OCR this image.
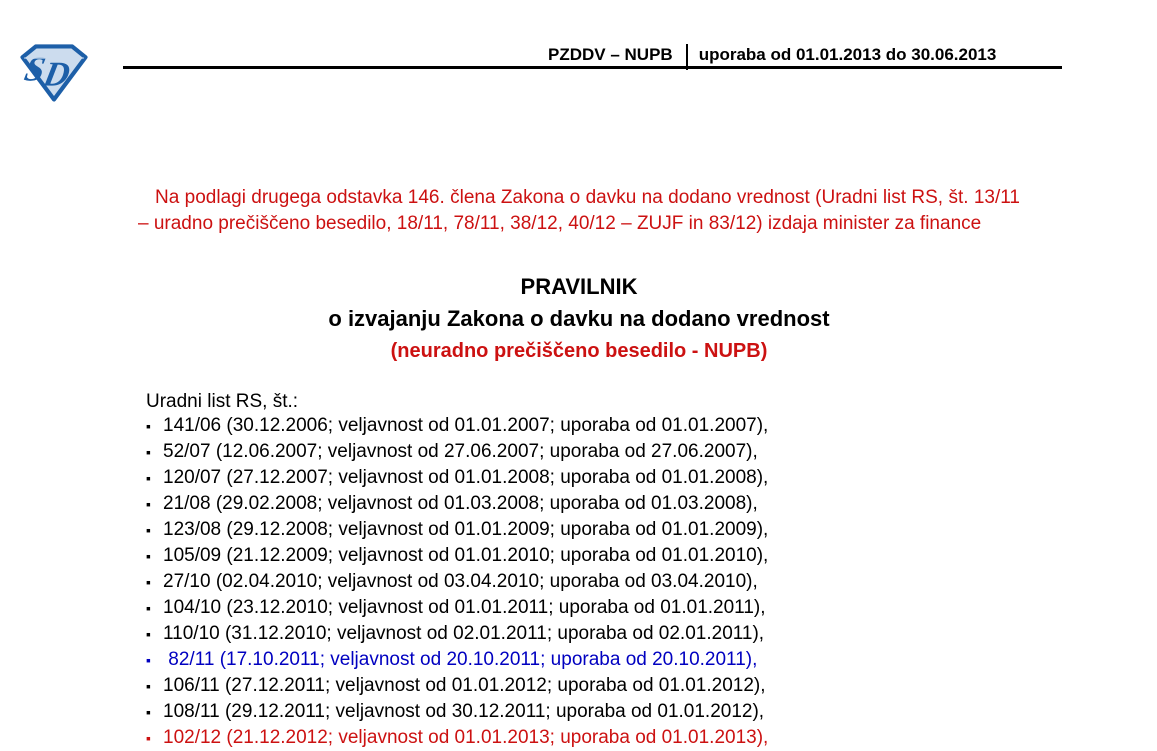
S
D
PZDDV – NUPB uporaba od 01.01.2013 do 30.06.2013

Na podlagi drugega odstavka 146. člena Zakona o davku na dodano vrednost (Uradni list RS, št. 13/11 – uradno prečiščeno besedilo, 18/11, 78/11, 38/12, 40/12 – ZUJF in 83/12) izdaja minister za finance

PRAVILNIK
o izvajanju Zakona o davku na dodano vrednost
(neuradno prečiščeno besedilo - NUPB)
Uradni list RS, št.:
▪ 141/06 (30.12.2006; veljavnost od 01.01.2007; uporaba od 01.01.2007),
▪ 52/07 (12.06.2007; veljavnost od 27.06.2007; uporaba od 27.06.2007),
▪ 120/07 (27.12.2007; veljavnost od 01.01.2008; uporaba od 01.01.2008),
▪ 21/08 (29.02.2008; veljavnost od 01.03.2008; uporaba od 01.03.2008),
▪ 123/08 (29.12.2008; veljavnost od 01.01.2009; uporaba od 01.01.2009),
▪ 105/09 (21.12.2009; veljavnost od 01.01.2010; uporaba od 01.01.2010),
▪ 27/10 (02.04.2010; veljavnost od 03.04.2010; uporaba od 03.04.2010),
▪ 104/10 (23.12.2010; veljavnost od 01.01.2011; uporaba od 01.01.2011),
▪ 110/10 (31.12.2010; veljavnost od 02.01.2011; uporaba od 02.01.2011),
▪ 82/11 (17.10.2011; veljavnost od 20.10.2011; uporaba od 20.10.2011),
▪ 106/11 (27.12.2011; veljavnost od 01.01.2012; uporaba od 01.01.2012),
▪ 108/11 (29.12.2011; veljavnost od 30.12.2011; uporaba od 01.01.2012),
▪ 102/12 (21.12.2012; veljavnost od 01.01.2013; uporaba od 01.01.2013),
